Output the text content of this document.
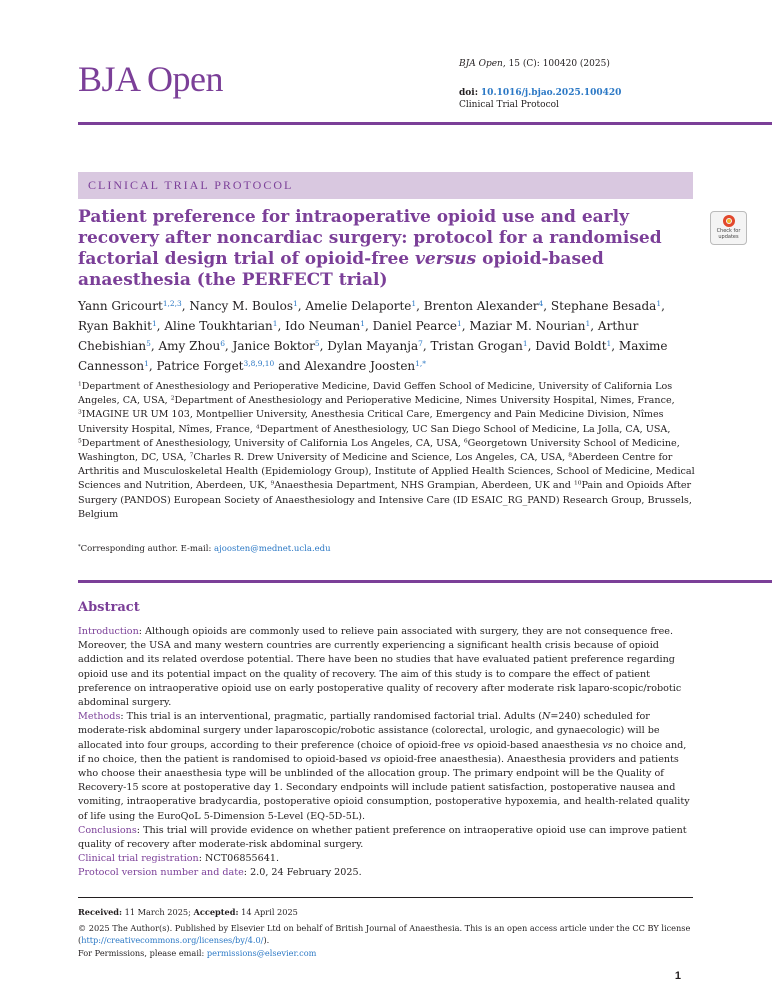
BJA Open	BJA Open, 15 (C): 100420 (2025)
doi: 10.1016/j.bjao.2025.100420
Clinical Trial Protocol
CLINICAL TRIAL PROTOCOL
Check for
updates
Patient preference for intraoperative opioid use and early recovery after noncardiac surgery: protocol for a randomised factorial design trial of opioid-free versus opioid-based anaesthesia (the PERFECT trial)

Yann Gricourt$^{1,2,3}$, Nancy M. Boulos$^1$, Amelie Delaporte$^1$, Brenton Alexander$^4$, Stephane Besada$^1$, Ryan Bakhit$^1$, Aline Toukhtarian$^1$, Ido Neuman$^1$, Daniel Pearce$^1$, Maziar M. Nourian$^1$, Arthur Chebishian$^5$, Amy Zhou$^6$, Janice Boktor$^5$, Dylan Mayanja$^7$, Tristan Grogan$^1$, David Boldt$^1$, Maxime Cannesson$^1$, Patrice Forget$^{3,8,9,10}$ and Alexandre Joosten$^{1,*}$

$^1$Department of Anesthesiology and Perioperative Medicine, David Geffen School of Medicine, University of California Los Angeles, CA, USA, $^2$Department of Anesthesiology and Perioperative Medicine, Nimes University Hospital, Nimes, France, $^3$IMAGINE UR UM 103, Montpellier University, Anesthesia Critical Care, Emergency and Pain Medicine Division, Nîmes University Hospital, Nîmes, France, $^4$Department of Anesthesiology, UC San Diego School of Medicine, La Jolla, CA, USA, $^5$Department of Anesthesiology, University of California Los Angeles, CA, USA, $^6$Georgetown University School of Medicine, Washington, DC, USA, $^7$Charles R. Drew University of Medicine and Science, Los Angeles, CA, USA, $^8$Aberdeen Centre for Arthritis and Musculoskeletal Health (Epidemiology Group), Institute of Applied Health Sciences, School of Medicine, Medical Sciences and Nutrition, Aberdeen, UK, $^9$Anaesthesia Department, NHS Grampian, Aberdeen, UK and $^{10}$Pain and Opioids After Surgery (PANDOS) European Society of Anaesthesiology and Intensive Care (ID ESAIC_RG_PAND) Research Group, Brussels, Belgium

*Corresponding author. E-mail: ajoosten@mednet.ucla.edu
Abstract

Introduction: Although opioids are commonly used to relieve pain associated with surgery, they are not consequence free. Moreover, the USA and many western countries are currently experiencing a significant health crisis because of opioid addiction and its related overdose potential. There have been no studies that have evaluated patient preference regarding opioid use and its potential impact on the quality of recovery. The aim of this study is to compare the effect of patient preference on intraoperative opioid use on early postoperative quality of recovery after moderate risk laparo-scopic/robotic abdominal surgery.

Methods: This trial is an interventional, pragmatic, partially randomised factorial trial. Adults (N=240) scheduled for moderate-risk abdominal surgery under laparoscopic/robotic assistance (colorectal, urologic, and gynaecologic) will be allocated into four groups, according to their preference (choice of opioid-free vs opioid-based anaesthesia vs no choice and, if no choice, then the patient is randomised to opioid-based vs opioid-free anaesthesia). Anaesthesia providers and patients who choose their anaesthesia type will be unblinded of the allocation group. The primary endpoint will be the Quality of Recovery-15 score at postoperative day 1. Secondary endpoints will include patient satisfaction, postoperative nausea and vomiting, intraoperative bradycardia, postoperative opioid consumption, postoperative hypoxemia, and health-related quality of life using the EuroQoL 5-Dimension 5-Level (EQ-5D-5L).

Conclusions: This trial will provide evidence on whether patient preference on intraoperative opioid use can improve patient quality of recovery after moderate-risk abdominal surgery.

Clinical trial registration: NCT06855641.

Protocol version number and date: 2.0, 24 February 2025.

Received: 11 March 2025; Accepted: 14 April 2025

© 2025 The Author(s). Published by Elsevier Ltd on behalf of British Journal of Anaesthesia. This is an open access article under the CC BY license (http://creativecommons.org/licenses/by/4.0/).

For Permissions, please email: permissions@elsevier.com

1
